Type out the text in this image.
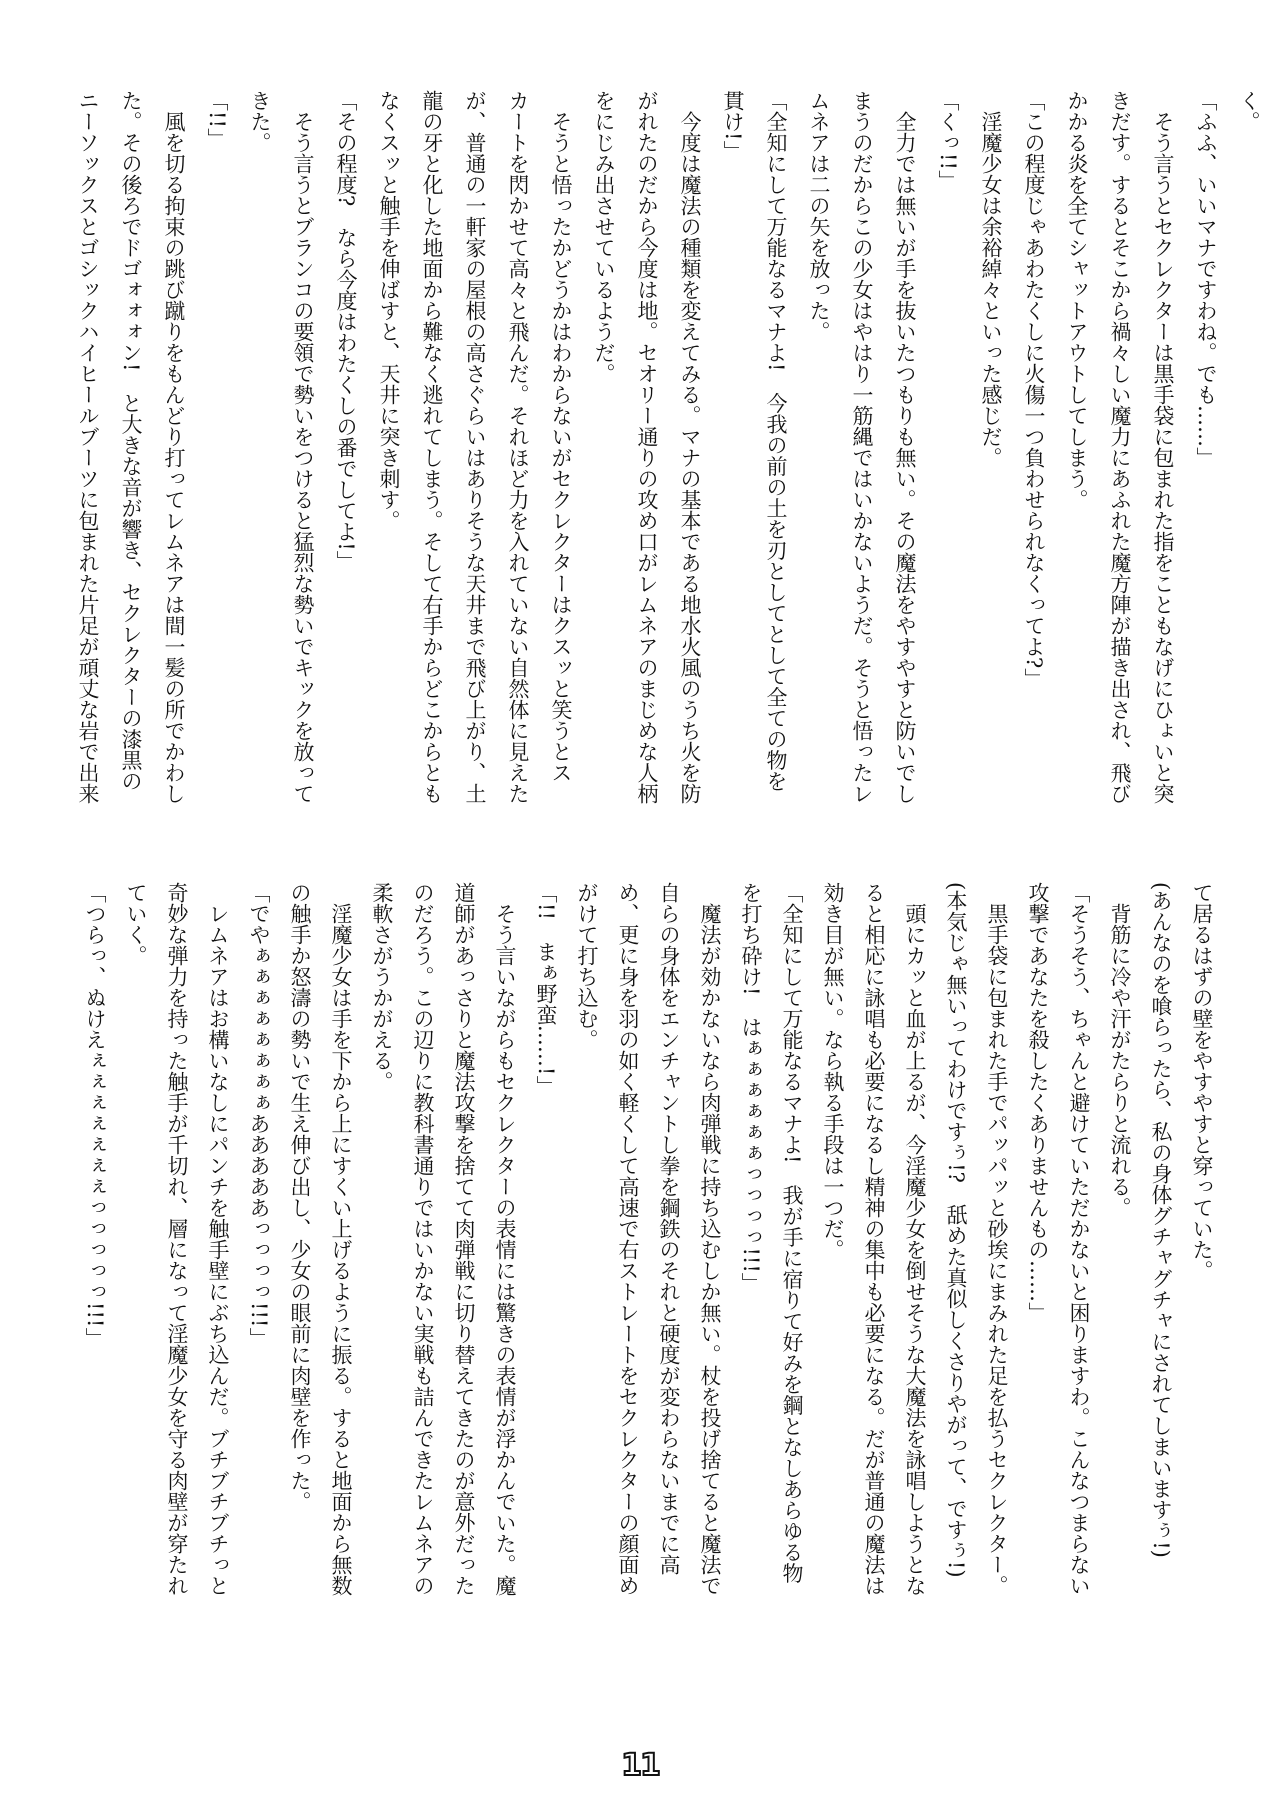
く。
「ふふ、いいマナですわね。でも……」
　そう言うとセクレクターは黒手袋に包まれた指をこともなげにひょいと突
きだす。するとそこから禍々しい魔力にあふれた魔方陣が描き出され、飛び
かかる炎を全てシャットアウトしてしまう。
「この程度じゃあわたくしに火傷一つ負わせられなくってよ?」
　淫魔少女は余裕綽々といった感じだ。
「くっ!!」
　全力では無いが手を抜いたつもりも無い。その魔法をやすやすと防いでし
まうのだからこの少女はやはり一筋縄ではいかないようだ。そうと悟ったレ
ムネアは二の矢を放った。
「全知にして万能なるマナよ!　今我の前の土を刃としてとして全ての物を
貫け!」
　今度は魔法の種類を変えてみる。マナの基本である地水火風のうち火を防
がれたのだから今度は地。セオリー通りの攻め口がレムネアのまじめな人柄
をにじみ出させているようだ。
　そうと悟ったかどうかはわからないがセクレクターはクスッと笑うとス
カートを閃かせて高々と飛んだ。それほど力を入れていない自然体に見えた
が、普通の一軒家の屋根の高さぐらいはありそうな天井まで飛び上がり、土
龍の牙と化した地面から難なく逃れてしまう。そして右手からどこからとも
なくスッと触手を伸ばすと、天井に突き刺す。
「その程度?　なら今度はわたくしの番でしてよ!」
　そう言うとブランコの要領で勢いをつけると猛烈な勢いでキックを放って
きた。
「!!」
　風を切る拘束の跳び蹴りをもんどり打ってレムネアは間一髪の所でかわし
た。その後ろでドゴォォォン!　と大きな音が響き、セクレクターの漆黒の
ニーソックスとゴシックハイヒールブーツに包まれた片足が頑丈な岩で出来
て居るはずの壁をやすやすと穿っていた。
(あんなのを喰らったら、私の身体グチャグチャにされてしまいますぅ!)
　背筋に冷や汗がたらりと流れる。
「そうそう、ちゃんと避けていただかないと困りますわ。こんなつまらない
攻撃であなたを殺したくありませんもの……」
　黒手袋に包まれた手でパッパッと砂埃にまみれた足を払うセクレクター。
(本気じゃ無いってわけですぅ!?　舐めた真似しくさりやがって、ですぅ!)
　頭にカッと血が上るが、今淫魔少女を倒せそうな大魔法を詠唱しようとな
ると相応に詠唱も必要になるし精神の集中も必要になる。だが普通の魔法は
効き目が無い。なら執る手段は一つだ。
「全知にして万能なるマナよ!　我が手に宿りて好みを鋼となしあらゆる物
を打ち砕け!　はぁぁぁぁぁぁっっっっ!!!」
　魔法が効かないなら肉弾戦に持ち込むしか無い。杖を投げ捨てると魔法で
自らの身体をエンチャントし拳を鋼鉄のそれと硬度が変わらないまでに高
め、更に身を羽の如く軽くして高速で右ストレートをセクレクターの顔面め
がけて打ち込む。
「!!　まぁ野蛮……!」
　そう言いながらもセクレクターの表情には驚きの表情が浮かんでいた。魔
道師があっさりと魔法攻撃を捨てて肉弾戦に切り替えてきたのが意外だった
のだろう。この辺りに教科書通りではいかない実戦も詰んできたレムネアの
柔軟さがうかがえる。
　淫魔少女は手を下から上にすくい上げるように振る。すると地面から無数
の触手か怒濤の勢いで生え伸び出し、少女の眼前に肉壁を作った。
「でやぁぁぁぁぁぁぁぁあああああっっっっ!!!」
　レムネアはお構いなしにパンチを触手壁にぶち込んだ。ブチブチブチっと
奇妙な弾力を持った触手が千切れ、層になって淫魔少女を守る肉壁が穿たれ
ていく。
「つらっ、ぬけえぇぇぇぇぇぇぇっっっっっ!!!」
11
